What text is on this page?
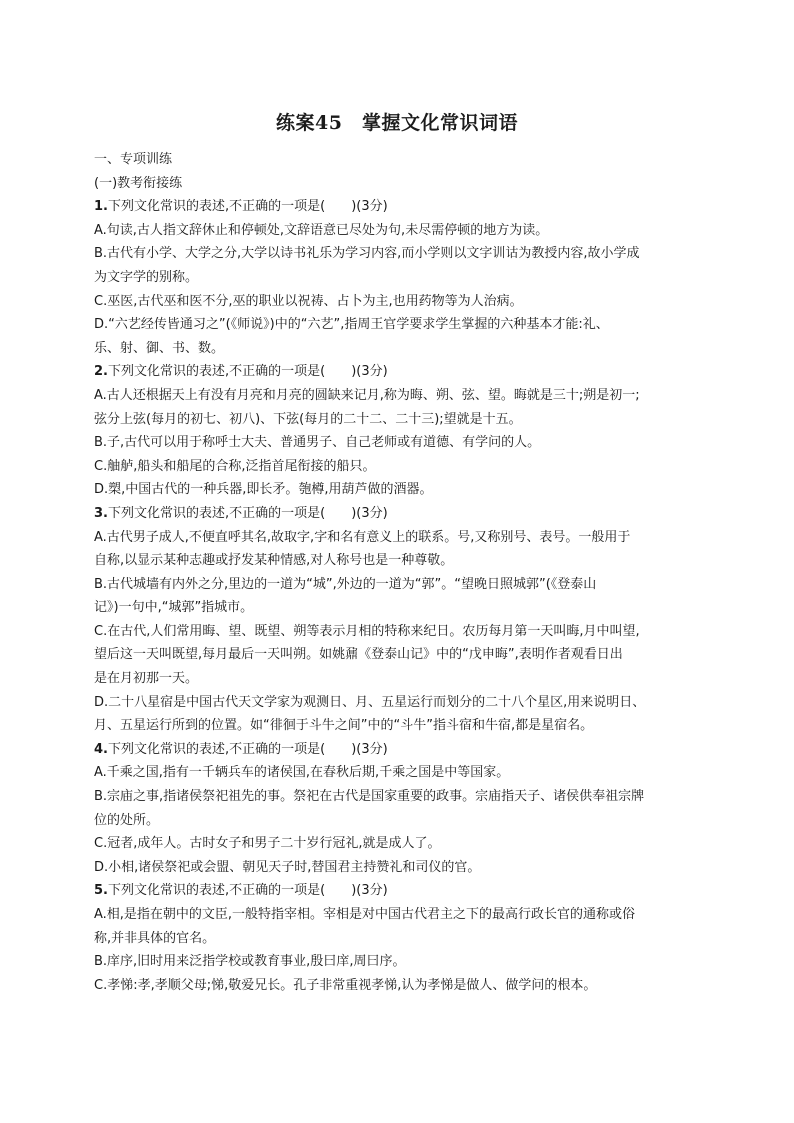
练案45　掌握文化常识词语
一、专项训练
(一)教考衔接练
1.下列文化常识的表述,不正确的一项是( )(3分)
A.句读,古人指文辞休止和停顿处,文辞语意已尽处为句,未尽需停顿的地方为读。
B.古代有小学、大学之分,大学以诗书礼乐为学习内容,而小学则以文字训诂为教授内容,故小学成
为文字学的别称。
C.巫医,古代巫和医不分,巫的职业以祝祷、占卜为主,也用药物等为人治病。
D.“六艺经传皆通习之”(《师说》)中的“六艺”,指周王官学要求学生掌握的六种基本才能:礼、
乐、射、御、书、数。
2.下列文化常识的表述,不正确的一项是( )(3分)
A.古人还根据天上有没有月亮和月亮的圆缺来记月,称为晦、朔、弦、望。晦就是三十;朔是初一;
弦分上弦(每月的初七、初八)、下弦(每月的二十二、二十三);望就是十五。
B.子,古代可以用于称呼士大夫、普通男子、自己老师或有道德、有学问的人。
C.舳舻,船头和船尾的合称,泛指首尾衔接的船只。
D.槊,中国古代的一种兵器,即长矛。匏樽,用葫芦做的酒器。
3.下列文化常识的表述,不正确的一项是( )(3分)
A.古代男子成人,不便直呼其名,故取字,字和名有意义上的联系。号,又称别号、表号。一般用于
自称,以显示某种志趣或抒发某种情感,对人称号也是一种尊敬。
B.古代城墙有内外之分,里边的一道为“城”,外边的一道为“郭”。“望晚日照城郭”(《登泰山
记》)一句中,“城郭”指城市。
C.在古代,人们常用晦、望、既望、朔等表示月相的特称来纪日。农历每月第一天叫晦,月中叫望,
望后这一天叫既望,每月最后一天叫朔。如姚鼐《登泰山记》中的“戊申晦”,表明作者观看日出
是在月初那一天。
D.二十八星宿是中国古代天文学家为观测日、月、五星运行而划分的二十八个星区,用来说明日、
月、五星运行所到的位置。如“徘徊于斗牛之间”中的“斗牛”指斗宿和牛宿,都是星宿名。
4.下列文化常识的表述,不正确的一项是( )(3分)
A.千乘之国,指有一千辆兵车的诸侯国,在春秋后期,千乘之国是中等国家。
B.宗庙之事,指诸侯祭祀祖先的事。祭祀在古代是国家重要的政事。宗庙指天子、诸侯供奉祖宗牌
位的处所。
C.冠者,成年人。古时女子和男子二十岁行冠礼,就是成人了。
D.小相,诸侯祭祀或会盟、朝见天子时,替国君主持赞礼和司仪的官。
5.下列文化常识的表述,不正确的一项是( )(3分)
A.相,是指在朝中的文臣,一般特指宰相。宰相是对中国古代君主之下的最高行政长官的通称或俗
称,并非具体的官名。
B.庠序,旧时用来泛指学校或教育事业,殷曰庠,周曰序。
C.孝悌:孝,孝顺父母;悌,敬爱兄长。孔子非常重视孝悌,认为孝悌是做人、做学问的根本。
